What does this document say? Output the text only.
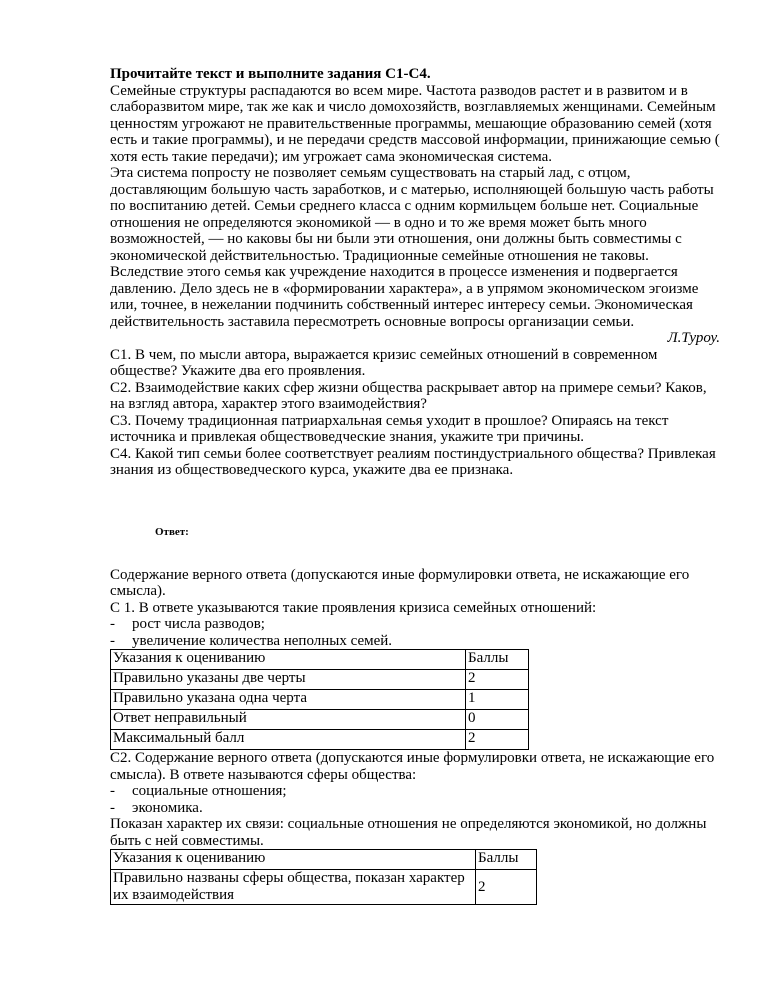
Прочитайте текст и выполните задания С1-С4.

Семейные структуры распадаются во всем мире. Частота разводов растет и в развитом и в слаборазвитом мире, так же как и число домохозяйств, возглавляемых женщинами. Семейным ценностям угрожают не правительственные программы, мешающие образованию семей (хотя есть и такие программы), и не передачи средств массовой информации, принижающие семью ( хотя есть такие передачи); им угрожает сама экономическая система.

Эта система попросту не позволяет семьям существовать на старый лад, с отцом, доставляющим большую часть заработков, и с матерью, исполняющей большую часть работы по воспитанию детей. Семьи среднего класса с одним кормильцем больше нет. Социальные отношения не определяются экономикой — в одно и то же время может быть много возможностей, — но каковы бы ни были эти отношения, они должны быть совместимы с экономической действительностью. Традиционные семейные отношения не таковы. Вследствие этого семья как учреждение находится в процессе изменения и подвергается давлению. Дело здесь не в «формировании характера», а в упрямом экономическом эгоизме или, точнее, в нежелании подчинить собственный интерес интересу семьи. Экономическая действительность заставила пересмотреть основные вопросы организации семьи.

Л.Туроу.

С1. В чем, по мысли автора, выражается кризис семейных отношений в современном обществе? Укажите два его проявления.

С2. Взаимодействие каких сфер жизни общества раскрывает автор на примере семьи? Каков, на взгляд автора, характер этого взаимодействия?

С3. Почему традиционная патриархальная семья уходит в прошлое? Опираясь на текст источника и привлекая обществоведческие знания, укажите три причины.

С4. Какой тип семьи более соответствует реалиям постиндустриального общества? Привлекая знания из обществоведческого курса, укажите два ее признака.

Ответ:

Содержание верного ответа (допускаются иные формулировки ответа, не искажающие его смысла).

С 1. В ответе указываются такие проявления кризиса семейных отношений:

- рост числа разводов;

- увеличение количества неполных семей.

Указания к оцениванию	Баллы
Правильно указаны две черты	2
Правильно указана одна черта	1
Ответ неправильный	0
Максимальный балл	2

С2. Содержание верного ответа (допускаются иные формулировки ответа, не искажающие его смысла). В ответе называются сферы общества:

- социальные отношения;

- экономика.

Показан характер их связи: социальные отношения не определяются экономикой, но должны быть с ней совместимы.

Указания к оцениванию	Баллы
Правильно названы сферы общества, показан характер их взаимодействия	2
